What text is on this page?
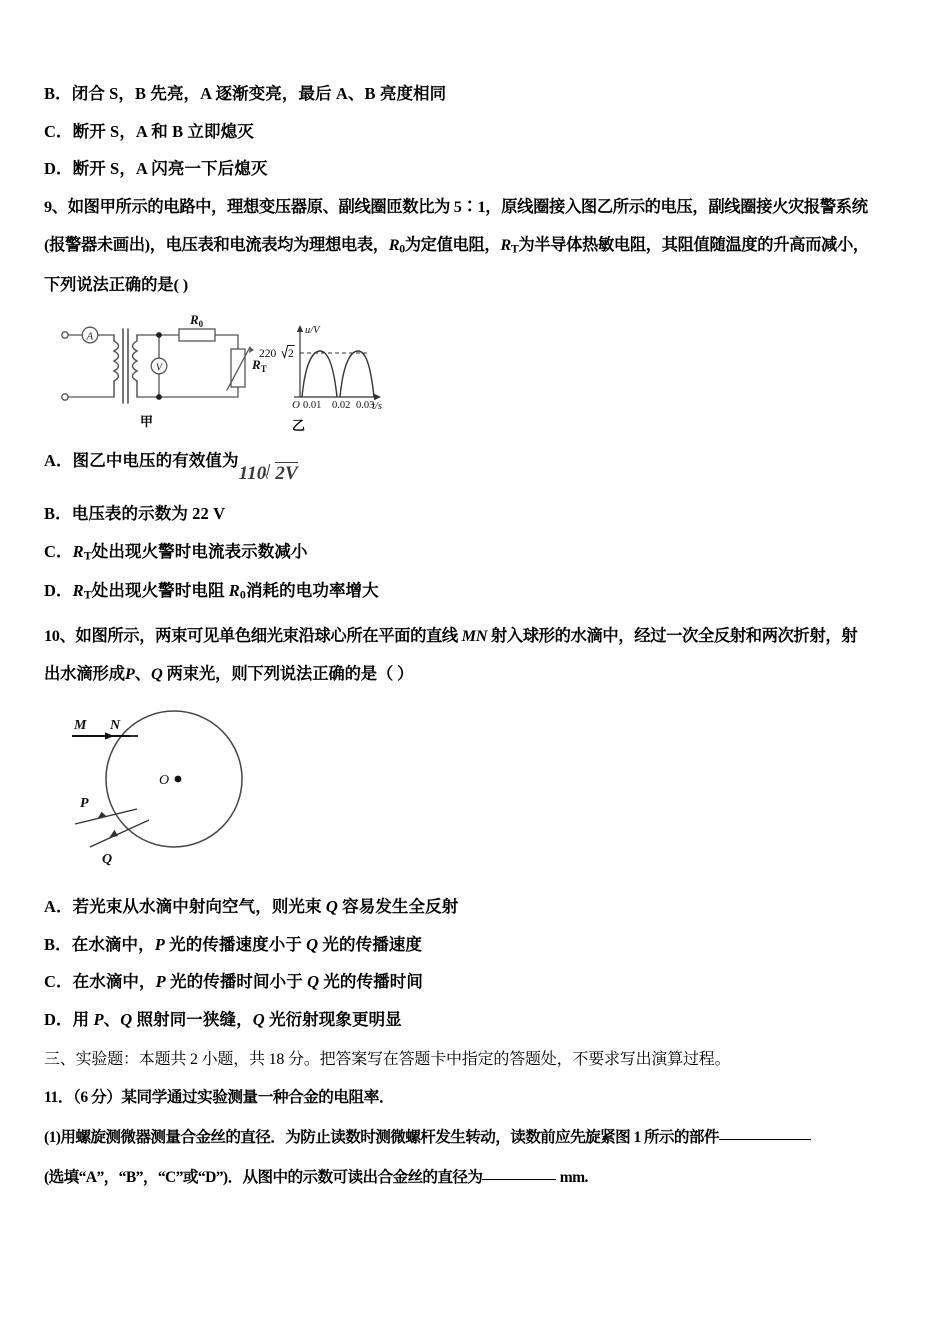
B．闭合 S，B 先亮，A 逐渐变亮，最后 A、B 亮度相同
C．断开 S，A 和 B 立即熄灭
D．断开 S，A 闪亮一下后熄灭
9、如图甲所示的电路中，理想变压器原、副线圈匝数比为 5∶1，原线圈接入图乙所示的电压，副线圈接火灾报警系统
(报警器未画出)，电压表和电流表均为理想电表，$R_0$为定值电阻，$R_T$为半导体热敏电阻，其阻值随温度的升高而减小，
下列说法正确的是( )
A
V
$R_0$
$R_T$
u/V
t/s
O 0.01 0.02 0.03
220 2
甲	乙
A．图乙中电压的有效值为110 2V
B．电压表的示数为 22 V
C．$R_T$处出现火警时电流表示数减小
D．$R_T$处出现火警时电阻 $R_0$消耗的电功率增大
10、如图所示，两束可见单色细光束沿球心所在平面的直线 MN 射入球形的水滴中，经过一次全反射和两次折射，射
出水滴形成P、Q 两束光，则下列说法正确的是（ ）
O
M N
P
Q
A．若光束从水滴中射向空气，则光束 Q 容易发生全反射
B．在水滴中，P 光的传播速度小于 Q 光的传播速度
C．在水滴中，P 光的传播时间小于 Q 光的传播时间
D．用 P、Q 照射同一狭缝，Q 光衍射现象更明显
三、实验题：本题共 2 小题，共 18 分。把答案写在答题卡中指定的答题处，不要求写出演算过程。
11．（6 分）某同学通过实验测量一种合金的电阻率．
(1)用螺旋测微器测量合金丝的直径．为防止读数时测微螺杆发生转动，读数前应先旋紧图 1 所示的部件
(选填“A”，“B”，“C”或“D”)．从图中的示数可读出合金丝的直径为	mm.
